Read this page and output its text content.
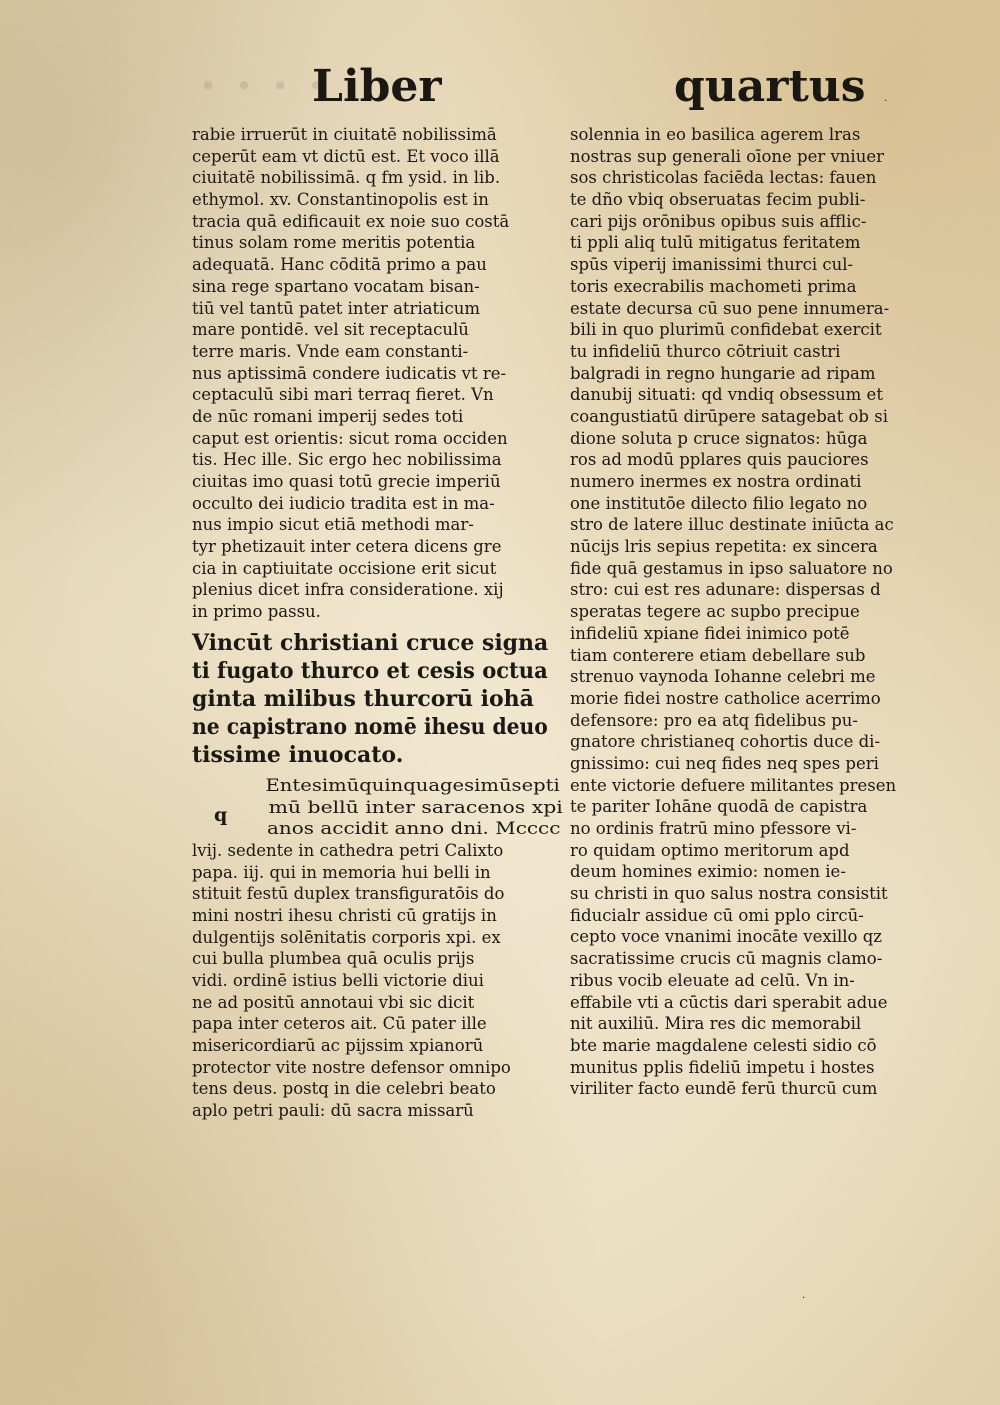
· · · ·
Liber	quartus
rabie irruerūt in ciuitatē nobilissimā
ceperūt eam vt dictū est. Et voco illā
ciuitatē nobilissimā. q fm ysid. in lib.
ethymol. xv. Constantinopolis est in
tracia quā edificauit ex noie suo costā
tinus solam rome meritis potentia
adequatā. Hanc cōditā primo a pau
sina rege spartano vocatam bisan-
tiū vel tantū patet inter atriaticum
mare pontidē. vel sit receptaculū
terre maris. Vnde eam constanti-
nus aptissimā condere iudicatis vt re-
ceptaculū sibi mari terraq fieret. Vn
de nūc romani imperij sedes toti
caput est orientis: sicut roma occiden
tis. Hec ille. Sic ergo hec nobilissima
ciuitas imo quasi totū grecie imperiū
occulto dei iudicio tradita est in ma-
nus impio sicut etiā methodi mar-
tyr phetizauit inter cetera dicens gre
cia in captiuitate occisione erit sicut
plenius dicet infra consideratione. xij
in primo passu.
Vincūt christiani cruce signa
ti fugato thurco et cesis octua
ginta milibus thurcorū iohā
ne capistrano nomē ihesu deuo
tissime inuocato.
q
Entesimūquinquagesimūsepti
mū bellū inter saracenos xpi
anos accidit anno dni. Mcccc
lvij. sedente in cathedra petri Calixto
papa. iij. qui in memoria hui belli in
stituit festū duplex transfiguratōis do
mini nostri ihesu christi cū gratijs in
dulgentijs solēnitatis corporis xpi. ex
cui bulla plumbea quā oculis prijs
vidi. ordinē istius belli victorie diui
ne ad positū annotaui vbi sic dicit
papa inter ceteros ait. Cū pater ille
misericordiarū ac pijssim xpianorū
protector vite nostre defensor omnipo
tens deus. postq in die celebri beato
aplo petri pauli: dū sacra missarū
solennia in eo basilica agerem lras
nostras sup generali oīone per vniuer
sos christicolas faciēda lectas: fauen
te dño vbiq obseruatas fecim publi-
cari pijs orōnibus opibus suis afflic-
ti ppli aliq tulū mitigatus feritatem
spūs viperij imanissimi thurci cul-
toris execrabilis machometi prima
estate decursa cū suo pene innumera-
bili in quo plurimū confidebat exercit
tu infideliū thurco cōtriuit castri
balgradi in regno hungarie ad ripam
danubij situati: qd vndiq obsessum et
coangustiatū dirūpere satagebat ob si
dione soluta p cruce signatos: hūga
ros ad modū pplares quis pauciores
numero inermes ex nostra ordinati
one institutōe dilecto filio legato no
stro de latere illuc destinate iniūcta ac
nūcijs lris sepius repetita: ex sincera
fide quā gestamus in ipso saluatore no
stro: cui est res adunare: dispersas d
speratas tegere ac supbo precipue
infideliū xpiane fidei inimico potē
tiam conterere etiam debellare sub
strenuo vaynoda Iohanne celebri me
morie fidei nostre catholice acerrimo
defensore: pro ea atq fidelibus pu-
gnatore christianeq cohortis duce di-
gnissimo: cui neq fides neq spes peri
ente victorie defuere militantes presen
te pariter Iohāne quodā de capistra
no ordinis fratrū mino pfessore vi-
ro quidam optimo meritorum apd
deum homines eximio: nomen ie-
su christi in quo salus nostra consistit
fiducialr assidue cū omi pplo circū-
cepto voce vnanimi inocāte vexillo qz
sacratissime crucis cū magnis clamo-
ribus vocib eleuate ad celū. Vn in-
effabile vti a cūctis dari sperabit adue
nit auxiliū. Mira res dic memorabil
bte marie magdalene celesti sidio cō
munitus pplis fideliū impetu i hostes
viriliter facto eundē ferū thurcū cum
·
·
